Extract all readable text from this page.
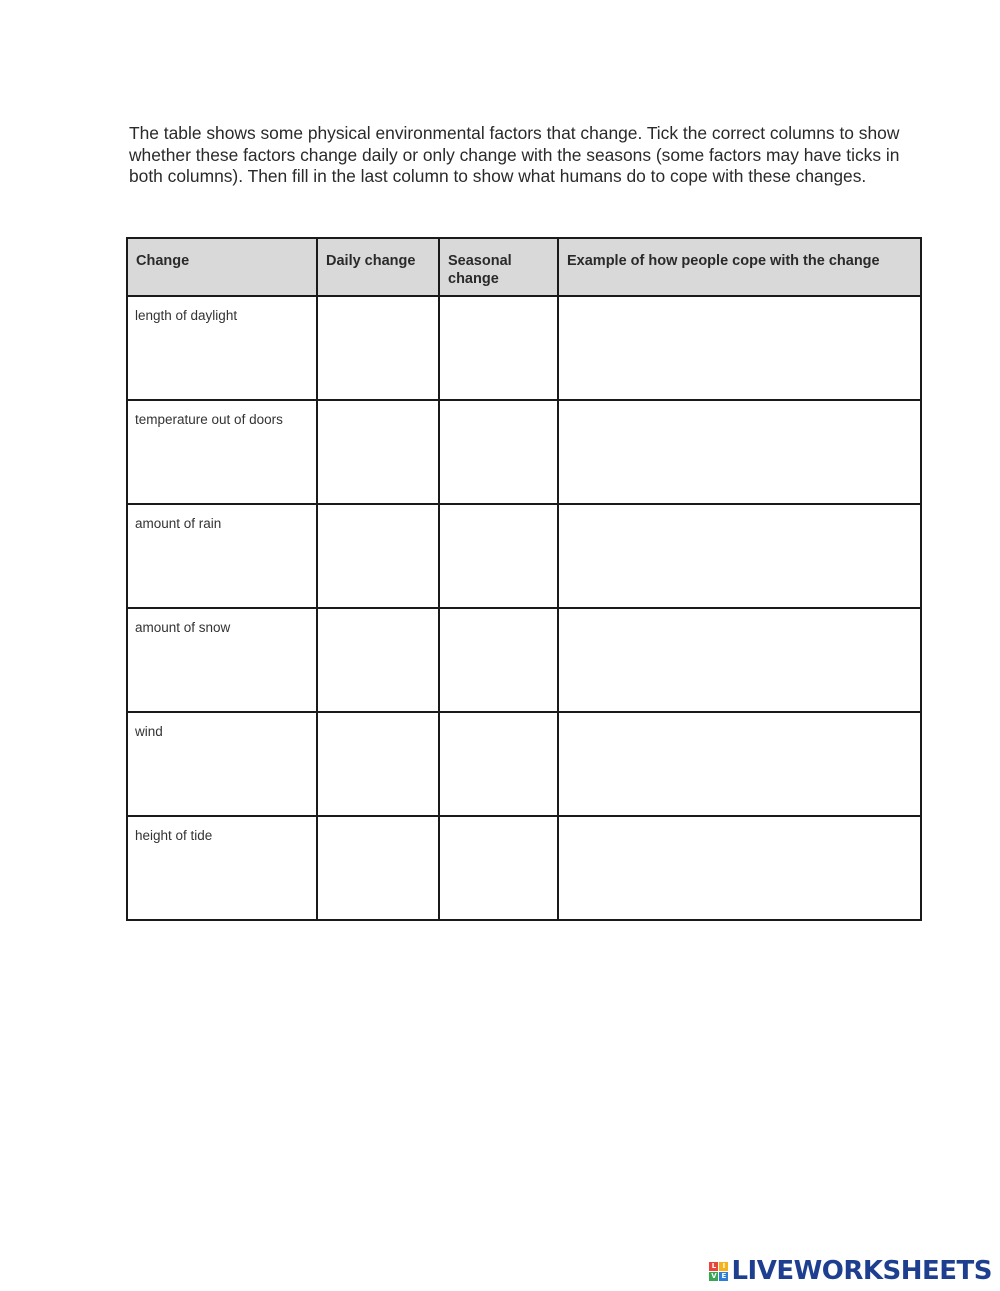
The table shows some physical environmental factors that change. Tick the correct columns to show whether these factors change daily or only change with the seasons (some factors may have ticks in both columns). Then fill in the last column to show what humans do to cope with these changes.

Change	Daily change	Seasonal change	Example of how people cope with the change
length of daylight			
temperature out of doors			
amount of rain			
amount of snow			
wind			
height of tide			
L I
V E LIVEWORKSHEETS
